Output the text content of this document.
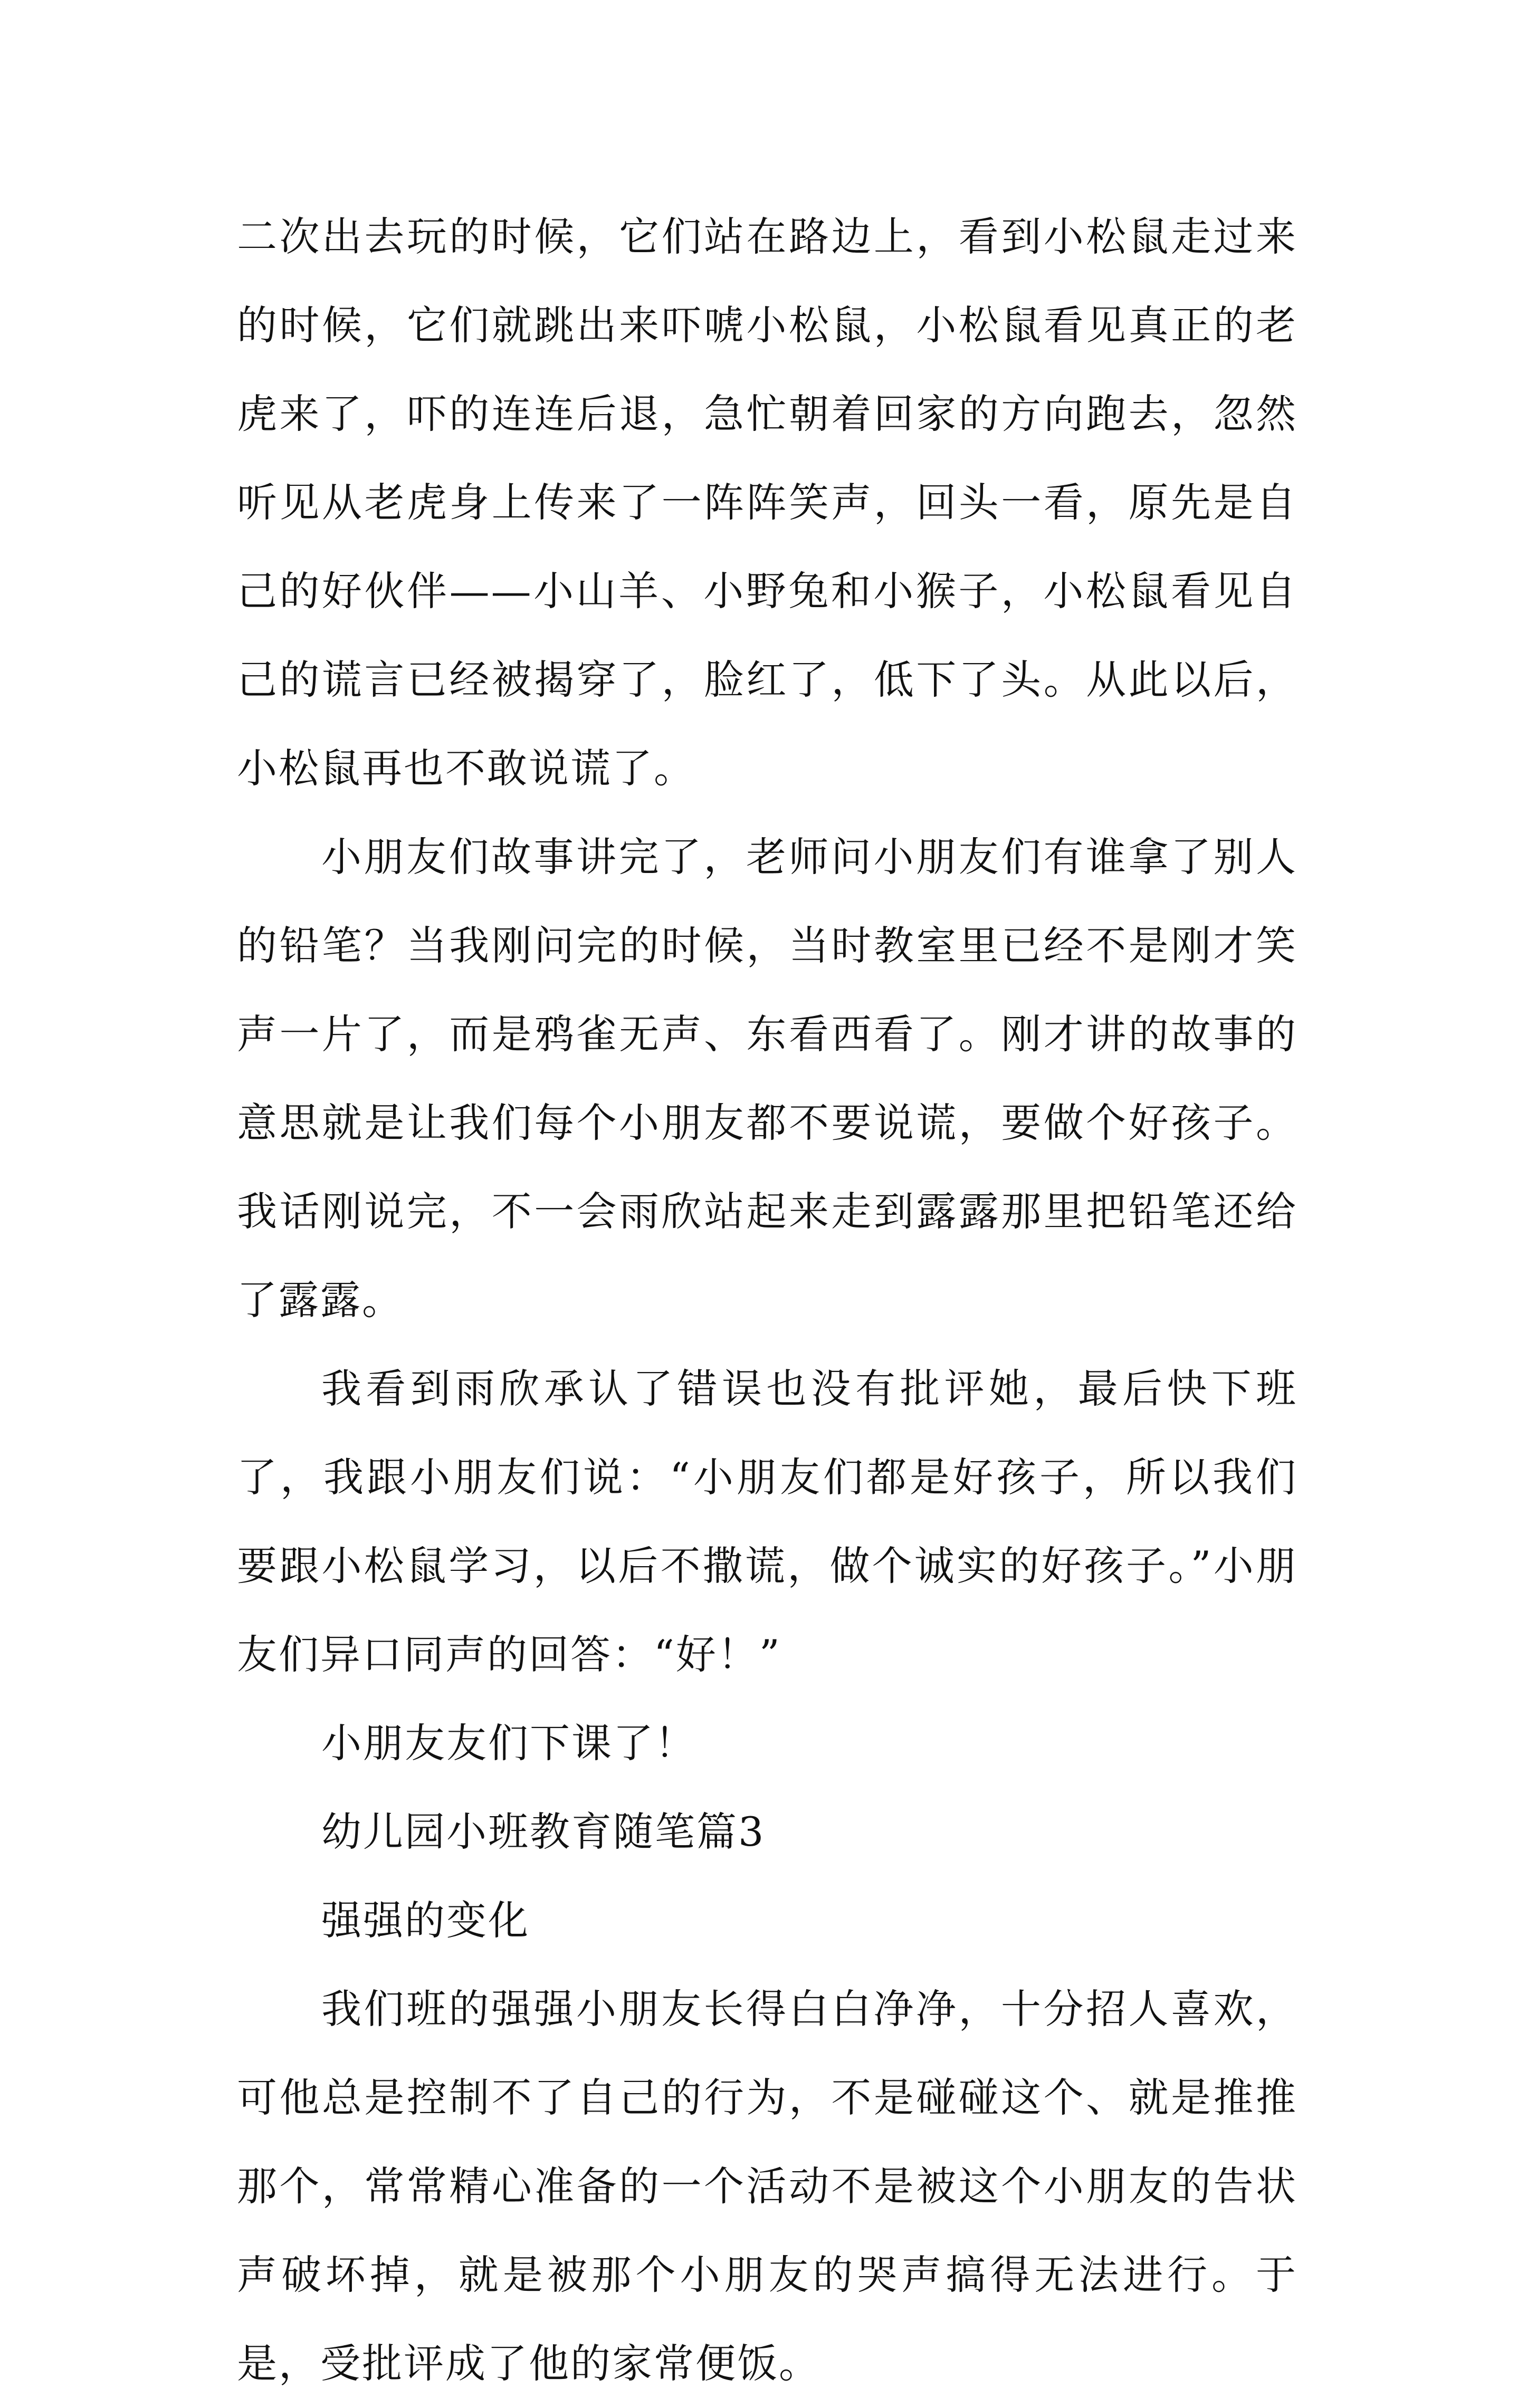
二次出去玩的时候，它们站在路边上，看到小松鼠走过来的时候，它们就跳出来吓唬小松鼠，小松鼠看见真正的老虎来了，吓的连连后退，急忙朝着回家的方向跑去，忽然听见从老虎身上传来了一阵阵笑声，回头一看，原先是自己的好伙伴——小山羊、小野兔和小猴子，小松鼠看见自己的谎言已经被揭穿了，脸红了，低下了头。从此以后，小松鼠再也不敢说谎了。

小朋友们故事讲完了，老师问小朋友们有谁拿了别人的铅笔？当我刚问完的时候，当时教室里已经不是刚才笑声一片了，而是鸦雀无声、东看西看了。刚才讲的故事的意思就是让我们每个小朋友都不要说谎，要做个好孩子。我话刚说完，不一会雨欣站起来走到露露那里把铅笔还给了露露。

我看到雨欣承认了错误也没有批评她，最后快下班了，我跟小朋友们说：“小朋友们都是好孩子，所以我们要跟小松鼠学习，以后不撒谎，做个诚实的好孩子。”小朋友们异口同声的回答：“好！”

小朋友友们下课了！

幼儿园小班教育随笔篇3

强强的变化

我们班的强强小朋友长得白白净净，十分招人喜欢，可他总是控制不了自己的行为，不是碰碰这个、就是推推那个，常常精心准备的一个活动不是被这个小朋友的告状声破坏掉，就是被那个小朋友的哭声搞得无法进行。于是，受批评成了他的家常便饭。
